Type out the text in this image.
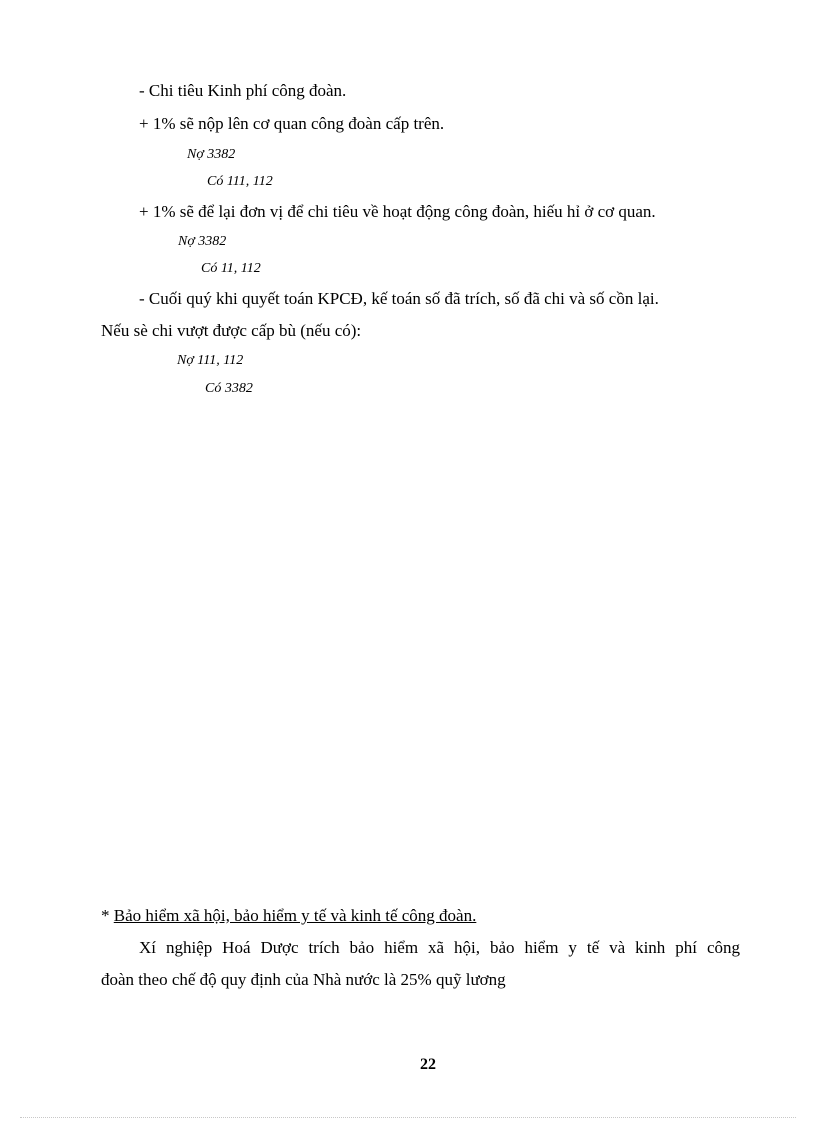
- Chi tiêu Kinh phí công đoàn.
+ 1% sẽ nộp lên cơ quan công đoàn cấp trên.
Nợ 3382
Có 111, 112
+ 1% sẽ để lại đơn vị để chi tiêu về hoạt động công đoàn, hiếu hỉ ở cơ quan.
Nợ 3382
Có 11, 112
- Cuối quý khi quyết toán KPCĐ, kế toán số đã trích, số đã chi và số cồn lại.
Nếu sè chi vượt được cấp bù (nếu có):
Nợ 111, 112
Có 3382
* Bảo hiểm xã hội, bảo hiểm y tế và kinh tế công đoàn.
Xí nghiệp Hoá Dược trích bảo hiểm xã hội, bảo hiểm y tế và kinh phí công
đoàn theo chế độ quy định của Nhà nước là 25% quỹ lương
22
